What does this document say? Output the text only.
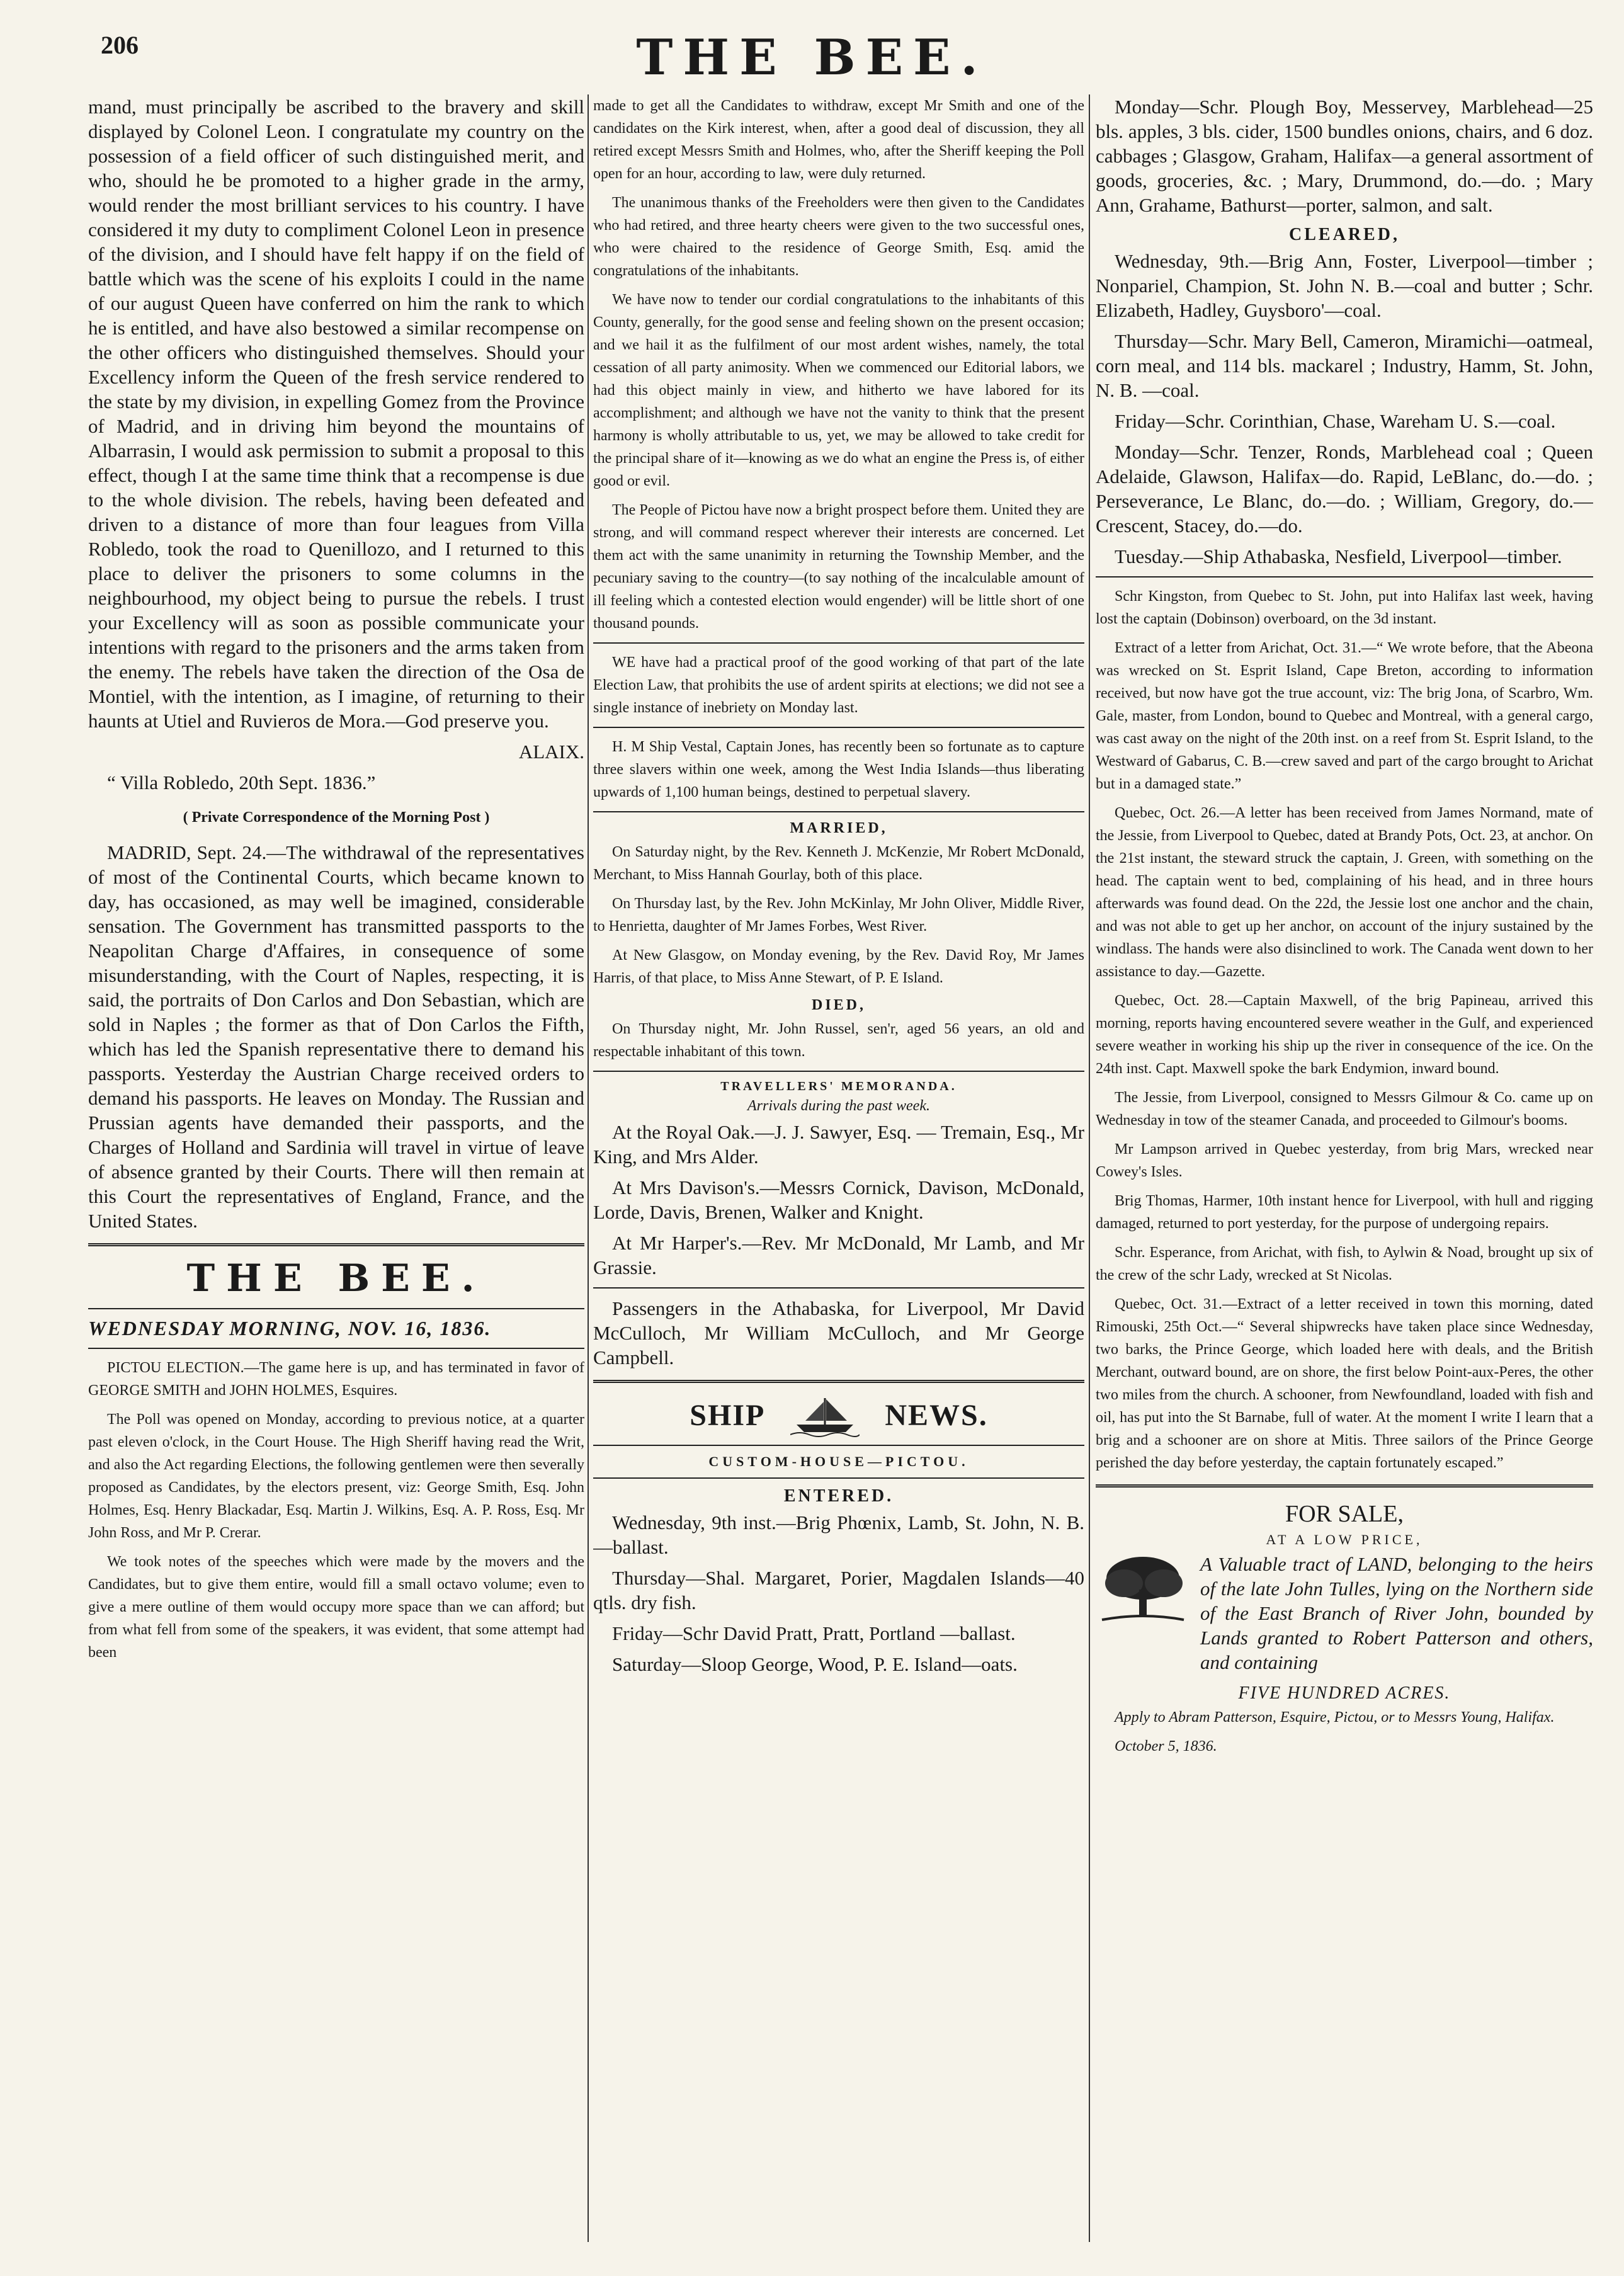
206	THE BEE.

mand, must principally be ascribed to the bravery and skill displayed by Colonel Leon. I congratulate my country on the possession of a field officer of such distinguished merit, and who, should he be promoted to a higher grade in the army, would render the most brilliant services to his country. I have considered it my duty to compliment Colonel Leon in presence of the division, and I should have felt happy if on the field of battle which was the scene of his exploits I could in the name of our august Queen have conferred on him the rank to which he is entitled, and have also bestowed a similar recompense on the other officers who distinguished themselves. Should your Excellency inform the Queen of the fresh service rendered to the state by my division, in expelling Gomez from the Province of Madrid, and in driving him beyond the mountains of Albarrasin, I would ask permission to submit a proposal to this effect, though I at the same time think that a recompense is due to the whole division. The rebels, having been defeated and driven to a distance of more than four leagues from Villa Robledo, took the road to Quenillozo, and I returned to this place to deliver the prisoners to some columns in the neighbourhood, my object being to pursue the rebels. I trust your Excellency will as soon as possible communicate your intentions with regard to the prisoners and the arms taken from the enemy. The rebels have taken the direction of the Osa de Montiel, with the intention, as I imagine, of returning to their haunts at Utiel and Ruvieros de Mora.—God preserve you.

ALAIX.

“ Villa Robledo, 20th Sept. 1836.”

( Private Correspondence of the Morning Post )

MADRID, Sept. 24.—The withdrawal of the representatives of most of the Continental Courts, which became known to day, has occasioned, as may well be imagined, considerable sensation. The Government has transmitted passports to the Neapolitan Charge d'Affaires, in consequence of some misunderstanding, with the Court of Naples, respecting, it is said, the portraits of Don Carlos and Don Sebastian, which are sold in Naples ; the former as that of Don Carlos the Fifth, which has led the Spanish representative there to demand his passports. Yesterday the Austrian Charge received orders to demand his passports. He leaves on Monday. The Russian and Prussian agents have demanded their passports, and the Charges of Holland and Sardinia will travel in virtue of leave of absence granted by their Courts. There will then remain at this Court the representatives of England, France, and the United States.

THE BEE.
WEDNESDAY MORNING, NOV. 16, 1836.

PICTOU ELECTION.—The game here is up, and has terminated in favor of GEORGE SMITH and JOHN HOLMES, Esquires.

The Poll was opened on Monday, according to previous notice, at a quarter past eleven o'clock, in the Court House. The High Sheriff having read the Writ, and also the Act regarding Elections, the following gentlemen were then severally proposed as Candidates, by the electors present, viz: George Smith, Esq. John Holmes, Esq. Henry Blackadar, Esq. Martin J. Wilkins, Esq. A. P. Ross, Esq. Mr John Ross, and Mr P. Crerar.

We took notes of the speeches which were made by the movers and the Candidates, but to give them entire, would fill a small octavo volume; even to give a mere outline of them would occupy more space than we can afford; but from what fell from some of the speakers, it was evident, that some attempt had been

made to get all the Candidates to withdraw, except Mr Smith and one of the candidates on the Kirk interest, when, after a good deal of discussion, they all retired except Messrs Smith and Holmes, who, after the Sheriff keeping the Poll open for an hour, according to law, were duly returned.

The unanimous thanks of the Freeholders were then given to the Candidates who had retired, and three hearty cheers were given to the two successful ones, who were chaired to the residence of George Smith, Esq. amid the congratulations of the inhabitants.

We have now to tender our cordial congratulations to the inhabitants of this County, generally, for the good sense and feeling shown on the present occasion; and we hail it as the fulfilment of our most ardent wishes, namely, the total cessation of all party animosity. When we commenced our Editorial labors, we had this object mainly in view, and hitherto we have labored for its accomplishment; and although we have not the vanity to think that the present harmony is wholly attributable to us, yet, we may be allowed to take credit for the principal share of it—knowing as we do what an engine the Press is, of either good or evil.

The People of Pictou have now a bright prospect before them. United they are strong, and will command respect wherever their interests are concerned. Let them act with the same unanimity in returning the Township Member, and the pecuniary saving to the country—(to say nothing of the incalculable amount of ill feeling which a contested election would engender) will be little short of one thousand pounds.

WE have had a practical proof of the good working of that part of the late Election Law, that prohibits the use of ardent spirits at elections; we did not see a single instance of inebriety on Monday last.

H. M Ship Vestal, Captain Jones, has recently been so fortunate as to capture three slavers within one week, among the West India Islands—thus liberating upwards of 1,100 human beings, destined to perpetual slavery.

MARRIED,

On Saturday night, by the Rev. Kenneth J. McKenzie, Mr Robert McDonald, Merchant, to Miss Hannah Gourlay, both of this place.

On Thursday last, by the Rev. John McKinlay, Mr John Oliver, Middle River, to Henrietta, daughter of Mr James Forbes, West River.

At New Glasgow, on Monday evening, by the Rev. David Roy, Mr James Harris, of that place, to Miss Anne Stewart, of P. E Island.

DIED,

On Thursday night, Mr. John Russel, sen'r, aged 56 years, an old and respectable inhabitant of this town.

TRAVELLERS' MEMORANDA.
Arrivals during the past week.

At the Royal Oak.—J. J. Sawyer, Esq. — Tremain, Esq., Mr King, and Mrs Alder.

At Mrs Davison's.—Messrs Cornick, Davison, McDonald, Lorde, Davis, Brenen, Walker and Knight.

At Mr Harper's.—Rev. Mr McDonald, Mr Lamb, and Mr Grassie.

Passengers in the Athabaska, for Liverpool, Mr David McCulloch, Mr William McCulloch, and Mr George Campbell.

SHIP	NEWS.
CUSTOM-HOUSE—PICTOU.
ENTERED.

Wednesday, 9th inst.—Brig Phœnix, Lamb, St. John, N. B.—ballast.

Thursday—Shal. Margaret, Porier, Magdalen Islands—40 qtls. dry fish.

Friday—Schr David Pratt, Pratt, Portland —ballast.

Saturday—Sloop George, Wood, P. E. Island—oats.

Monday—Schr. Plough Boy, Messervey, Marblehead—25 bls. apples, 3 bls. cider, 1500 bundles onions, chairs, and 6 doz. cabbages ; Glasgow, Graham, Halifax—a general assortment of goods, groceries, &c. ; Mary, Drummond, do.—do. ; Mary Ann, Grahame, Bathurst—porter, salmon, and salt.

CLEARED,

Wednesday, 9th.—Brig Ann, Foster, Liverpool—timber ; Nonpariel, Champion, St. John N. B.—coal and butter ; Schr. Elizabeth, Hadley, Guysboro'—coal.

Thursday—Schr. Mary Bell, Cameron, Miramichi—oatmeal, corn meal, and 114 bls. mackarel ; Industry, Hamm, St. John, N. B. —coal.

Friday—Schr. Corinthian, Chase, Wareham U. S.—coal.

Monday—Schr. Tenzer, Ronds, Marblehead coal ; Queen Adelaide, Glawson, Halifax—do. Rapid, LeBlanc, do.—do. ; Perseverance, Le Blanc, do.—do. ; William, Gregory, do.— Crescent, Stacey, do.—do.

Tuesday.—Ship Athabaska, Nesfield, Liverpool—timber.

Schr Kingston, from Quebec to St. John, put into Halifax last week, having lost the captain (Dobinson) overboard, on the 3d instant.

Extract of a letter from Arichat, Oct. 31.—“ We wrote before, that the Abeona was wrecked on St. Esprit Island, Cape Breton, according to information received, but now have got the true account, viz: The brig Jona, of Scarbro, Wm. Gale, master, from London, bound to Quebec and Montreal, with a general cargo, was cast away on the night of the 20th inst. on a reef from St. Esprit Island, to the Westward of Gabarus, C. B.—crew saved and part of the cargo brought to Arichat but in a damaged state.”

Quebec, Oct. 26.—A letter has been received from James Normand, mate of the Jessie, from Liverpool to Quebec, dated at Brandy Pots, Oct. 23, at anchor. On the 21st instant, the steward struck the captain, J. Green, with something on the head. The captain went to bed, complaining of his head, and in three hours afterwards was found dead. On the 22d, the Jessie lost one anchor and the chain, and was not able to get up her anchor, on account of the injury sustained by the windlass. The hands were also disinclined to work. The Canada went down to her assistance to day.—Gazette.

Quebec, Oct. 28.—Captain Maxwell, of the brig Papineau, arrived this morning, reports having encountered severe weather in the Gulf, and experienced severe weather in working his ship up the river in consequence of the ice. On the 24th inst. Capt. Maxwell spoke the bark Endymion, inward bound.

The Jessie, from Liverpool, consigned to Messrs Gilmour & Co. came up on Wednesday in tow of the steamer Canada, and proceeded to Gilmour's booms.

Mr Lampson arrived in Quebec yesterday, from brig Mars, wrecked near Cowey's Isles.

Brig Thomas, Harmer, 10th instant hence for Liverpool, with hull and rigging damaged, returned to port yesterday, for the purpose of undergoing repairs.

Schr. Esperance, from Arichat, with fish, to Aylwin & Noad, brought up six of the crew of the schr Lady, wrecked at St Nicolas.

Quebec, Oct. 31.—Extract of a letter received in town this morning, dated Rimouski, 25th Oct.—“ Several shipwrecks have taken place since Wednesday, two barks, the Prince George, which loaded here with deals, and the British Merchant, outward bound, are on shore, the first below Point-aux-Peres, the other two miles from the church. A schooner, from Newfoundland, loaded with fish and oil, has put into the St Barnabe, full of water. At the moment I write I learn that a brig and a schooner are on shore at Mitis. Three sailors of the Prince George perished the day before yesterday, the captain fortunately escaped.”

FOR SALE,
AT A LOW PRICE,

A Valuable tract of LAND, belonging to the heirs of the late John Tulles, lying on the Northern side of the East Branch of River John, bounded by Lands granted to Robert Patterson and others, and containing

FIVE HUNDRED ACRES.

Apply to Abram Patterson, Esquire, Pictou, or to Messrs Young, Halifax.

October 5, 1836.
